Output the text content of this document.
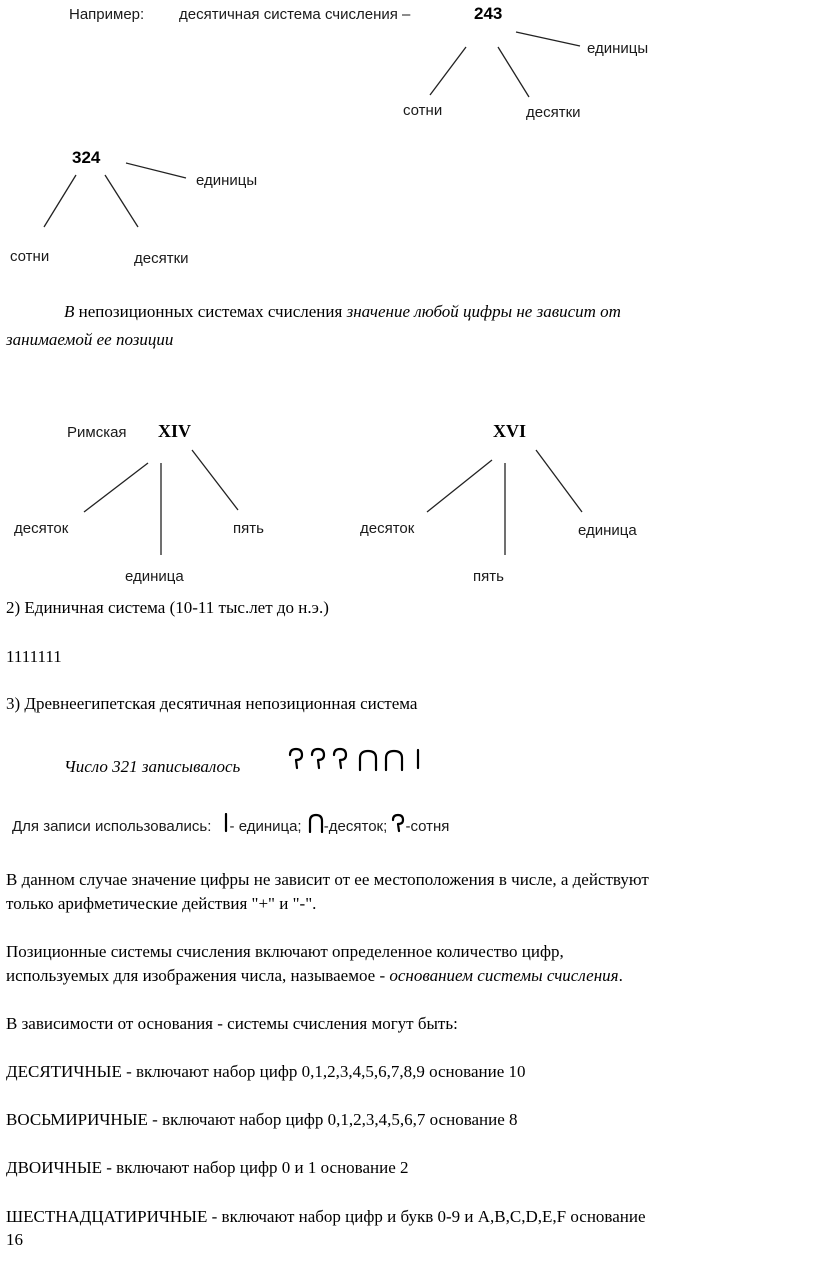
Например: десятичная система счисления –	243
единицы
сотни	десятки
324
единицы
сотни	десятки
В непозиционных системах счисления значение любой цифры не зависит от
занимаемой ее позиции
Римская XIV
десяток	пять
единица
XVI
десяток	единица
пять
2) Единичная система (10-11 тыс.лет до н.э.)
1111111
3) Древнеегипетская десятичная непозиционная система
Число 321 записывалось
Для записи использовались: - единица; -десяток; -сотня
В данном случае значение цифры не зависит от ее местоположения в числе, а действуют
только арифметические действия "+" и "-".
Позиционные системы счисления включают определенное количество цифр,
используемых для изображения числа, называемое - основанием системы счисления.
В зависимости от основания - системы счисления могут быть:
ДЕСЯТИЧНЫЕ - включают набор цифр 0,1,2,3,4,5,6,7,8,9 основание 10
ВОСЬМИРИЧНЫЕ - включают набор цифр 0,1,2,3,4,5,6,7 основание 8
ДВОИЧНЫЕ - включают набор цифр 0 и 1 основание 2
ШЕСТНАДЦАТИРИЧНЫЕ - включают набор цифр и букв 0-9 и A,B,C,D,E,F основание
16
